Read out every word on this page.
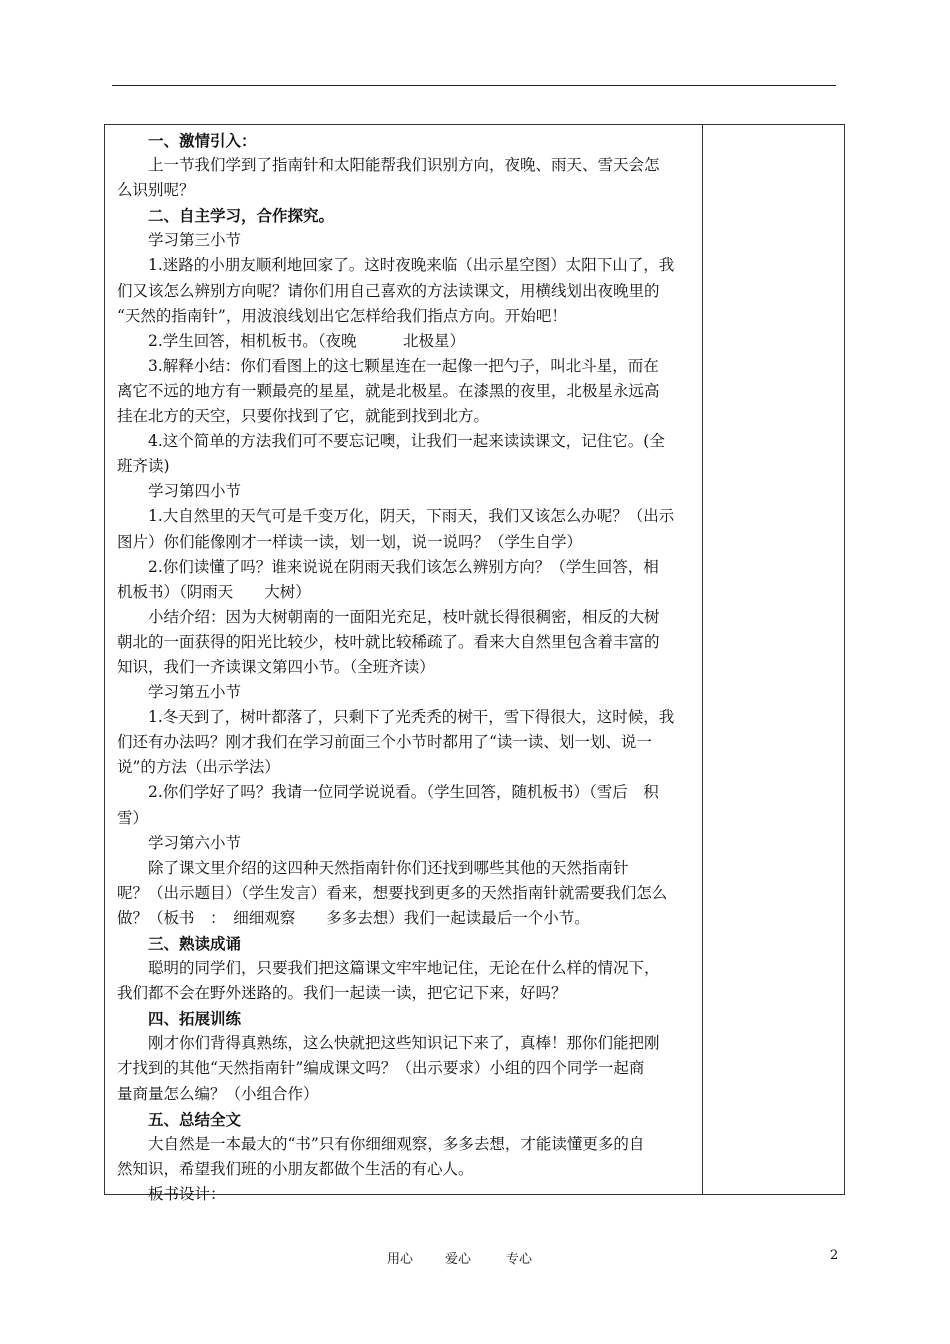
一、激情引入：
上一节我们学到了指南针和太阳能帮我们识别方向，夜晚、雨天、雪天会怎
么识别呢？
二、自主学习，合作探究。
学习第三小节
1.迷路的小朋友顺利地回家了。这时夜晚来临（出示星空图）太阳下山了，我
们又该怎么辨别方向呢？请你们用自己喜欢的方法读课文，用横线划出夜晚里的
“天然的指南针”，用波浪线划出它怎样给我们指点方向。开始吧！
2.学生回答，相机板书。（夜晚　　　北极星）
3.解释小结：你们看图上的这七颗星连在一起像一把勺子，叫北斗星，而在
离它不远的地方有一颗最亮的星星，就是北极星。在漆黑的夜里，北极星永远高
挂在北方的天空，只要你找到了它，就能到找到北方。
4.这个简单的方法我们可不要忘记噢，让我们一起来读读课文，记住它。(全
班齐读)
学习第四小节
1.大自然里的天气可是千变万化，阴天，下雨天，我们又该怎么办呢？（出示
图片）你们能像刚才一样读一读，划一划，说一说吗？（学生自学）
2.你们读懂了吗？谁来说说在阴雨天我们该怎么辨别方向？（学生回答，相
机板书）（阴雨天　　大树）
小结介绍：因为大树朝南的一面阳光充足，枝叶就长得很稠密，相反的大树
朝北的一面获得的阳光比较少，枝叶就比较稀疏了。看来大自然里包含着丰富的
知识，我们一齐读课文第四小节。（全班齐读）
学习第五小节
1.冬天到了，树叶都落了，只剩下了光秃秃的树干，雪下得很大，这时候，我
们还有办法吗？刚才我们在学习前面三个小节时都用了“读一读、划一划、说一
说”的方法（出示学法）
2.你们学好了吗？我请一位同学说说看。（学生回答，随机板书）（雪后　积
雪）
学习第六小节
除了课文里介绍的这四种天然指南针你们还找到哪些其他的天然指南针
呢？（出示题目）（学生发言）看来，想要找到更多的天然指南针就需要我们怎么
做？（板书　：　细细观察　　多多去想）我们一起读最后一个小节。
三、熟读成诵
聪明的同学们，只要我们把这篇课文牢牢地记住，无论在什么样的情况下，
我们都不会在野外迷路的。我们一起读一读，把它记下来，好吗？
四、拓展训练
刚才你们背得真熟练，这么快就把这些知识记下来了，真棒！那你们能把刚
才找到的其他“天然指南针”编成课文吗？（出示要求）小组的四个同学一起商
量商量怎么编？（小组合作）
五、总结全文
大自然是一本最大的“书”只有你细细观察，多多去想，才能读懂更多的自
然知识，希望我们班的小朋友都做个生活的有心人。
板书设计：
用心 爱心	专心	2
